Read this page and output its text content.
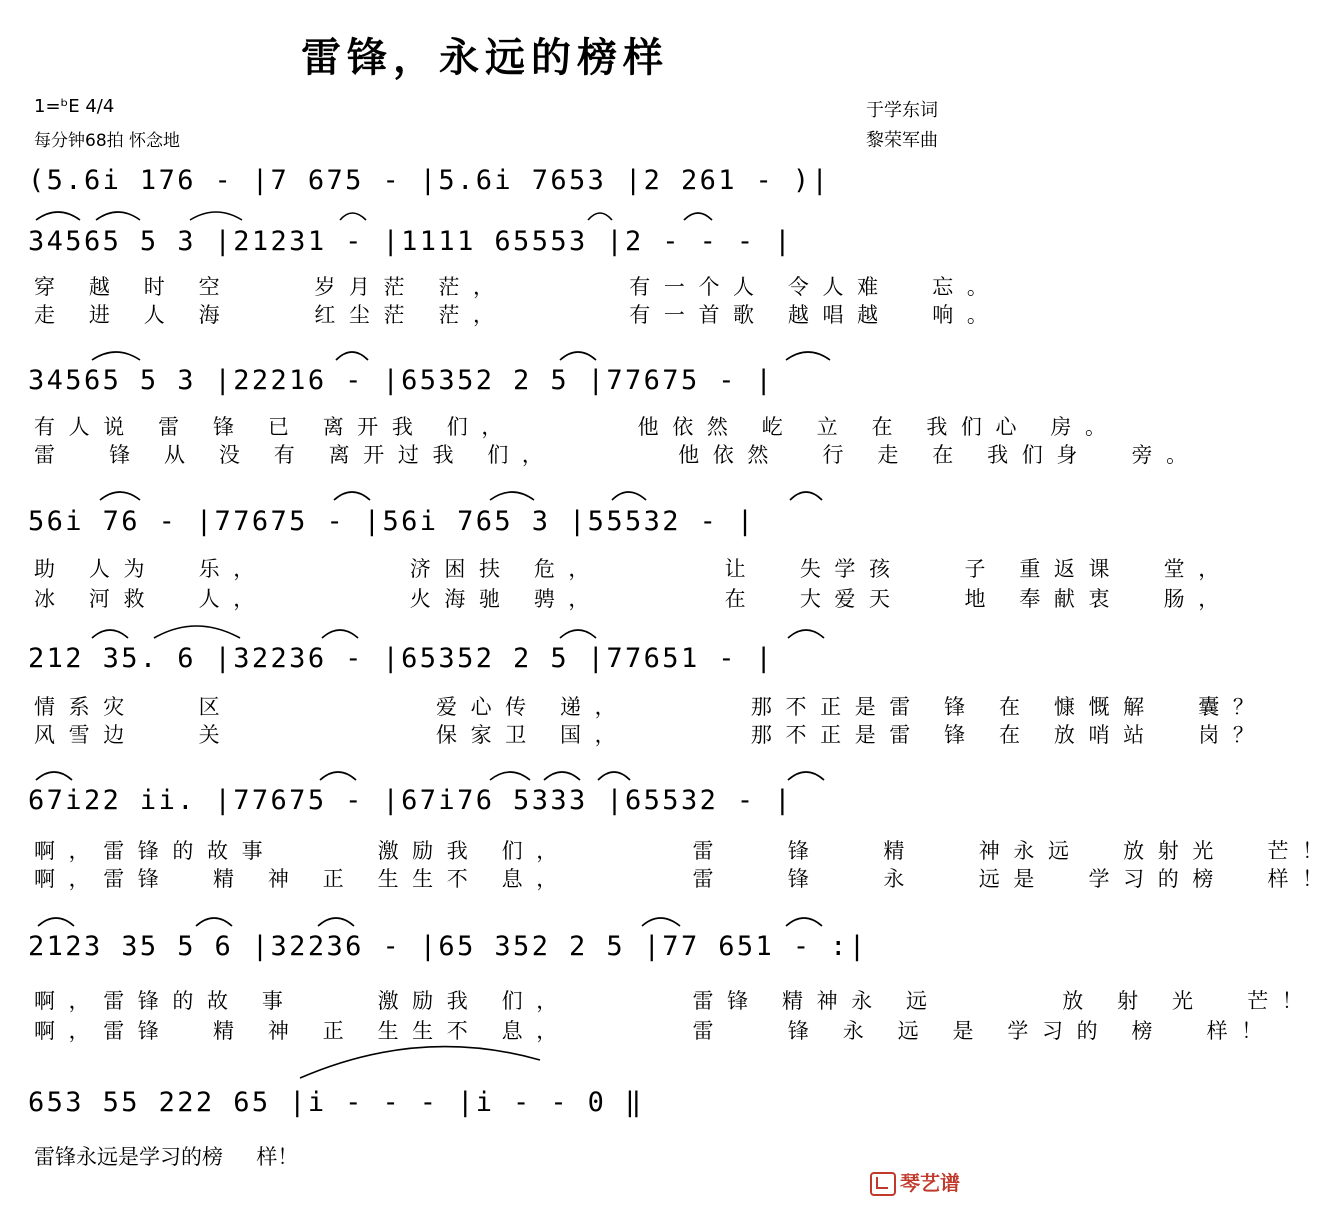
雷锋，永远的榜样
1=ᵇE 4/4
每分钟68拍 怀念地
于学东词
黎荣军曲
(5.6i 176 - |7 675 - |5.6i 7653 |2 261 - )|
34565 5 3 |21231 - |1111 65553 |2 - - - |
穿 越 时 空    岁月茫 茫，      有一个人 令人难  忘。
走 进 人 海    红尘茫 茫，      有一首歌 越唱越  响。
34565 5 3 |22216 - |65352 2 5 |77675 - |
有人说 雷 锋 已 离开我 们，      他依然 屹 立 在 我们心 房。
雷  锋 从 没 有 离开过我 们，      他依然  行 走 在 我们身  旁。
56i 76 - |77675 - |56i 765 3 |55532 - |
助 人为  乐，       济困扶 危，      让  失学孩   子 重返课  堂，
冰 河救  人，       火海驰 骋，      在  大爱天   地 奉献衷  肠，
212 35. 6 |32236 - |65352 2 5 |77651 - |
情系灾   区          爱心传 递，      那不正是雷 锋 在 慷慨解  囊？
风雪边   关          保家卫 国，      那不正是雷 锋 在 放哨站  岗？
67i22 ii. |77675 - |67i76 5333 |65532 - |
啊，雷锋的故事     激励我 们，      雷   锋   精   神永远  放射光  芒！
啊，雷锋  精 神 正 生生不 息，      雷   锋   永   远是  学习的榜  样！
2123 35 5 6 |32236 - |65 352 2 5 |77 651 - :|
啊，雷锋的故 事    激励我 们，      雷锋 精神永 远      放 射 光  芒！
啊，雷锋  精 神 正 生生不 息，      雷   锋 永 远 是 学习的 榜  样！
653 55 222 65 |i - - - |i - - 0 ‖
雷锋永远是学习的榜     样！
琴艺谱
